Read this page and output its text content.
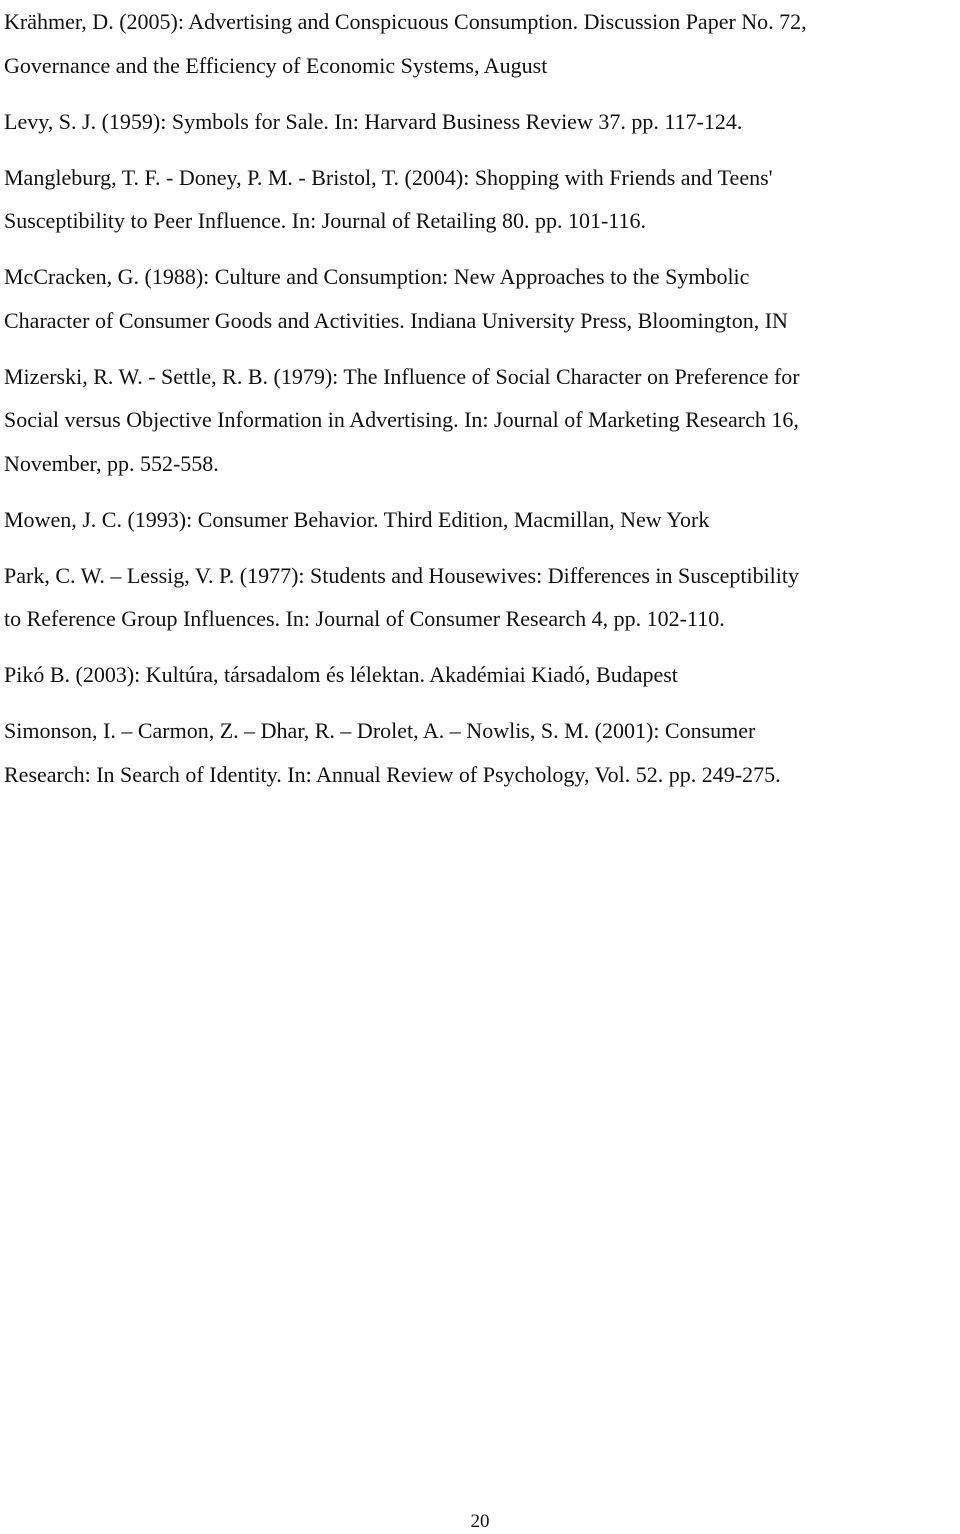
Krähmer, D. (2005): Advertising and Conspicuous Consumption. Discussion Paper No. 72,
Governance and the Efficiency of Economic Systems, August
Levy, S. J. (1959): Symbols for Sale. In: Harvard Business Review 37. pp. 117-124.
Mangleburg, T. F. - Doney, P. M. - Bristol, T. (2004): Shopping with Friends and Teens'
Susceptibility to Peer Influence. In: Journal of Retailing 80. pp. 101-116.
McCracken, G. (1988): Culture and Consumption: New Approaches to the Symbolic
Character of Consumer Goods and Activities. Indiana University Press, Bloomington, IN
Mizerski, R. W. - Settle, R. B. (1979): The Influence of Social Character on Preference for
Social versus Objective Information in Advertising. In: Journal of Marketing Research 16,
November, pp. 552-558.
Mowen, J. C. (1993): Consumer Behavior. Third Edition, Macmillan, New York
Park, C. W. – Lessig, V. P. (1977): Students and Housewives: Differences in Susceptibility
to Reference Group Influences. In: Journal of Consumer Research 4, pp. 102-110.
Pikó B. (2003): Kultúra, társadalom és lélektan. Akadémiai Kiadó, Budapest
Simonson, I. – Carmon, Z. – Dhar, R. – Drolet, A. – Nowlis, S. M. (2001): Consumer
Research: In Search of Identity. In: Annual Review of Psychology, Vol. 52. pp. 249-275.
20
